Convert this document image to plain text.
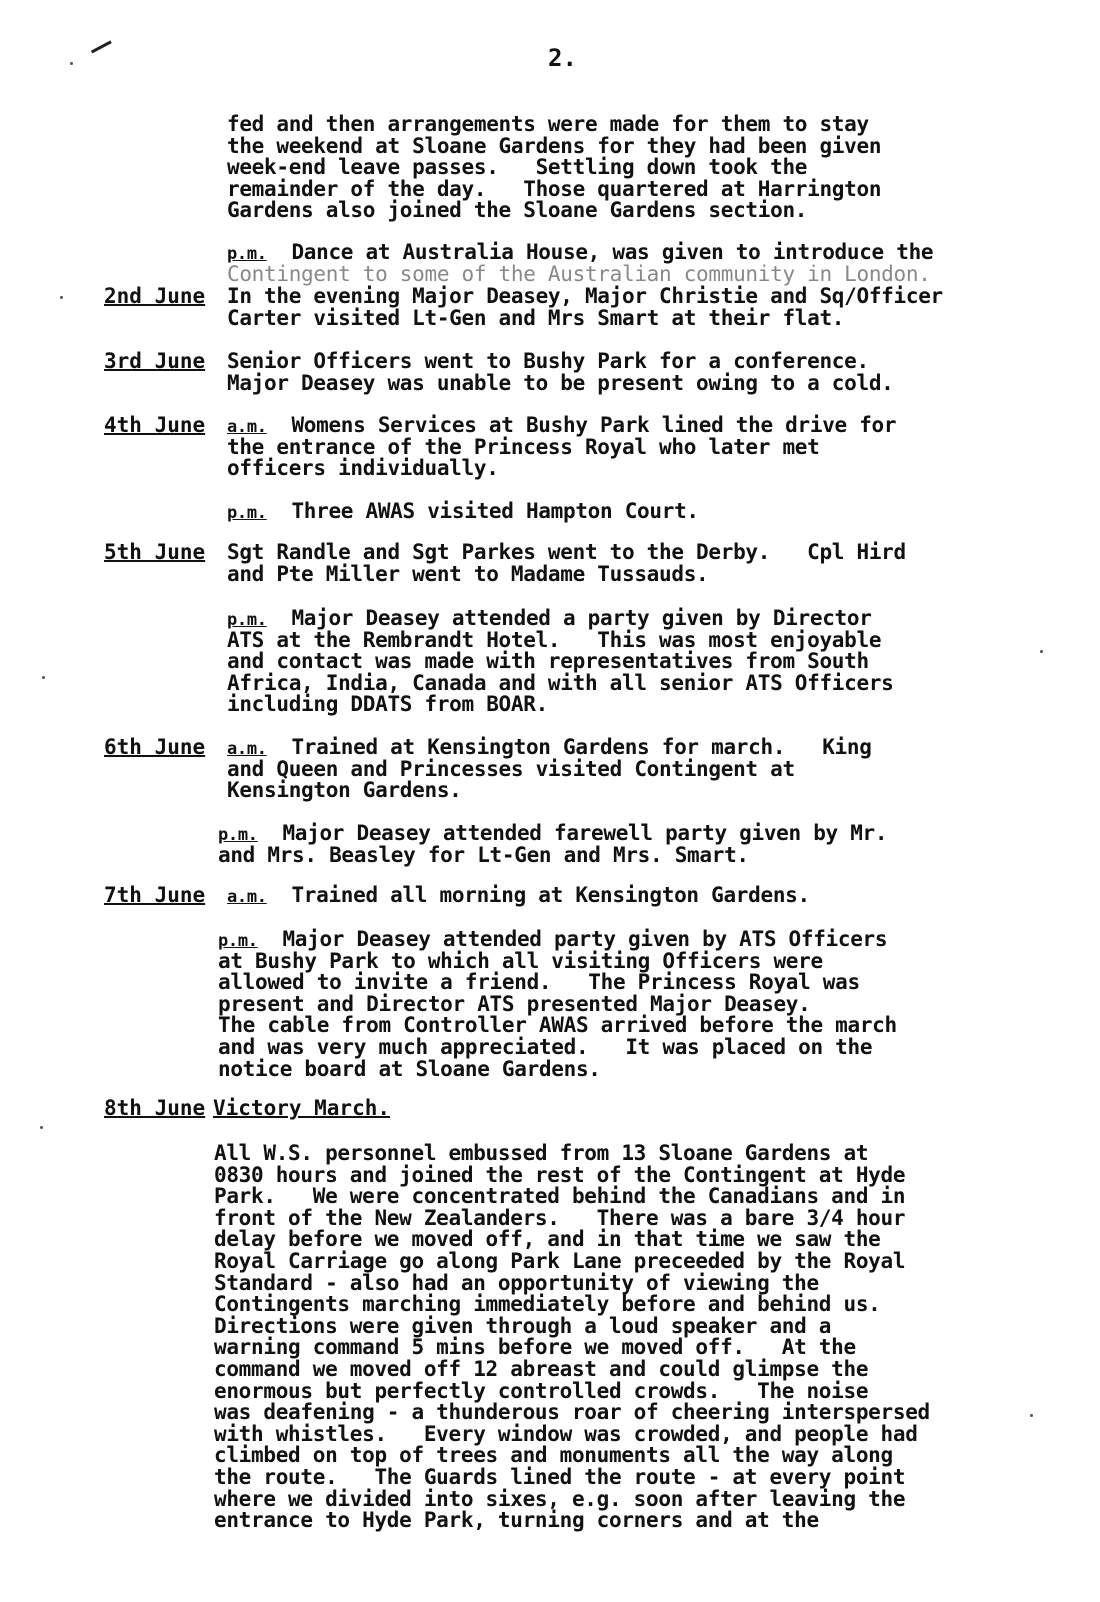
2.
fed and then arrangements were made for them to stay
the weekend at Sloane Gardens for they had been given
week-end leave passes.   Settling down took the
remainder of the day.   Those quartered at Harrington
Gardens also joined the Sloane Gardens section.
p.m. Dance at Australia House, was given to introduce the
Contingent to some of the Australian community in London.
2nd June In the evening Major Deasey, Major Christie and Sq/Officer
Carter visited Lt-Gen and Mrs Smart at their flat.
3rd June Senior Officers went to Bushy Park for a conference.
Major Deasey was unable to be present owing to a cold.
4th June a.m. Womens Services at Bushy Park lined the drive for
the entrance of the Princess Royal who later met
officers individually.
p.m. Three AWAS visited Hampton Court.
5th June Sgt Randle and Sgt Parkes went to the Derby.   Cpl Hird
and Pte Miller went to Madame Tussauds.
p.m. Major Deasey attended a party given by Director
ATS at the Rembrandt Hotel.   This was most enjoyable
and contact was made with representatives from South
Africa, India, Canada and with all senior ATS Officers
including DDATS from BOAR.
6th June a.m. Trained at Kensington Gardens for march.   King
and Queen and Princesses visited Contingent at
Kensington Gardens.
p.m. Major Deasey attended farewell party given by Mr.
and Mrs. Beasley for Lt-Gen and Mrs. Smart.
7th June a.m. Trained all morning at Kensington Gardens.
p.m. Major Deasey attended party given by ATS Officers
at Bushy Park to which all visiting Officers were
allowed to invite a friend.   The Princess Royal was
present and Director ATS presented Major Deasey.
The cable from Controller AWAS arrived before the march
and was very much appreciated.   It was placed on the
notice board at Sloane Gardens.
8th June Victory March.
All W.S. personnel embussed from 13 Sloane Gardens at
0830 hours and joined the rest of the Contingent at Hyde
Park.   We were concentrated behind the Canadians and in
front of the New Zealanders.   There was a bare 3/4 hour
delay before we moved off, and in that time we saw the
Royal Carriage go along Park Lane preceeded by the Royal
Standard - also had an opportunity of viewing the
Contingents marching immediately before and behind us.
Directions were given through a loud speaker and a
warning command 5 mins before we moved off.   At the
command we moved off 12 abreast and could glimpse the
enormous but perfectly controlled crowds.   The noise
was deafening - a thunderous roar of cheering interspersed
with whistles.   Every window was crowded, and people had
climbed on top of trees and monuments all the way along
the route.   The Guards lined the route - at every point
where we divided into sixes, e.g. soon after leaving the
entrance to Hyde Park, turning corners and at the
